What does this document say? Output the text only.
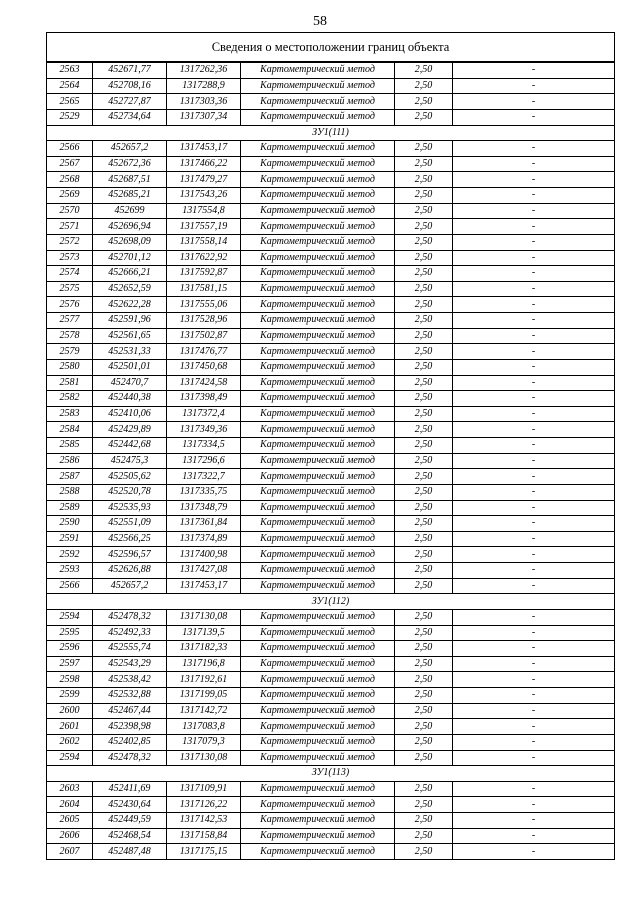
58
Сведения о местоположении границ объекта					
2563	452671,77	1317262,36	Картометрический метод	2,50	-
2564	452708,16	1317288,9	Картометрический метод	2,50	-
2565	452727,87	1317303,36	Картометрический метод	2,50	-
2529	452734,64	1317307,34	Картометрический метод	2,50	-
ЗУ1(111)					
2566	452657,2	1317453,17	Картометрический метод	2,50	-
2567	452672,36	1317466,22	Картометрический метод	2,50	-
2568	452687,51	1317479,27	Картометрический метод	2,50	-
2569	452685,21	1317543,26	Картометрический метод	2,50	-
2570	452699	1317554,8	Картометрический метод	2,50	-
2571	452696,94	1317557,19	Картометрический метод	2,50	-
2572	452698,09	1317558,14	Картометрический метод	2,50	-
2573	452701,12	1317622,92	Картометрический метод	2,50	-
2574	452666,21	1317592,87	Картометрический метод	2,50	-
2575	452652,59	1317581,15	Картометрический метод	2,50	-
2576	452622,28	1317555,06	Картометрический метод	2,50	-
2577	452591,96	1317528,96	Картометрический метод	2,50	-
2578	452561,65	1317502,87	Картометрический метод	2,50	-
2579	452531,33	1317476,77	Картометрический метод	2,50	-
2580	452501,01	1317450,68	Картометрический метод	2,50	-
2581	452470,7	1317424,58	Картометрический метод	2,50	-
2582	452440,38	1317398,49	Картометрический метод	2,50	-
2583	452410,06	1317372,4	Картометрический метод	2,50	-
2584	452429,89	1317349,36	Картометрический метод	2,50	-
2585	452442,68	1317334,5	Картометрический метод	2,50	-
2586	452475,3	1317296,6	Картометрический метод	2,50	-
2587	452505,62	1317322,7	Картометрический метод	2,50	-
2588	452520,78	1317335,75	Картометрический метод	2,50	-
2589	452535,93	1317348,79	Картометрический метод	2,50	-
2590	452551,09	1317361,84	Картометрический метод	2,50	-
2591	452566,25	1317374,89	Картометрический метод	2,50	-
2592	452596,57	1317400,98	Картометрический метод	2,50	-
2593	452626,88	1317427,08	Картометрический метод	2,50	-
2566	452657,2	1317453,17	Картометрический метод	2,50	-
ЗУ1(112)					
2594	452478,32	1317130,08	Картометрический метод	2,50	-
2595	452492,33	1317139,5	Картометрический метод	2,50	-
2596	452555,74	1317182,33	Картометрический метод	2,50	-
2597	452543,29	1317196,8	Картометрический метод	2,50	-
2598	452538,42	1317192,61	Картометрический метод	2,50	-
2599	452532,88	1317199,05	Картометрический метод	2,50	-
2600	452467,44	1317142,72	Картометрический метод	2,50	-
2601	452398,98	1317083,8	Картометрический метод	2,50	-
2602	452402,85	1317079,3	Картометрический метод	2,50	-
2594	452478,32	1317130,08	Картометрический метод	2,50	-
ЗУ1(113)					
2603	452411,69	1317109,91	Картометрический метод	2,50	-
2604	452430,64	1317126,22	Картометрический метод	2,50	-
2605	452449,59	1317142,53	Картометрический метод	2,50	-
2606	452468,54	1317158,84	Картометрический метод	2,50	-
2607	452487,48	1317175,15	Картометрический метод	2,50	-
